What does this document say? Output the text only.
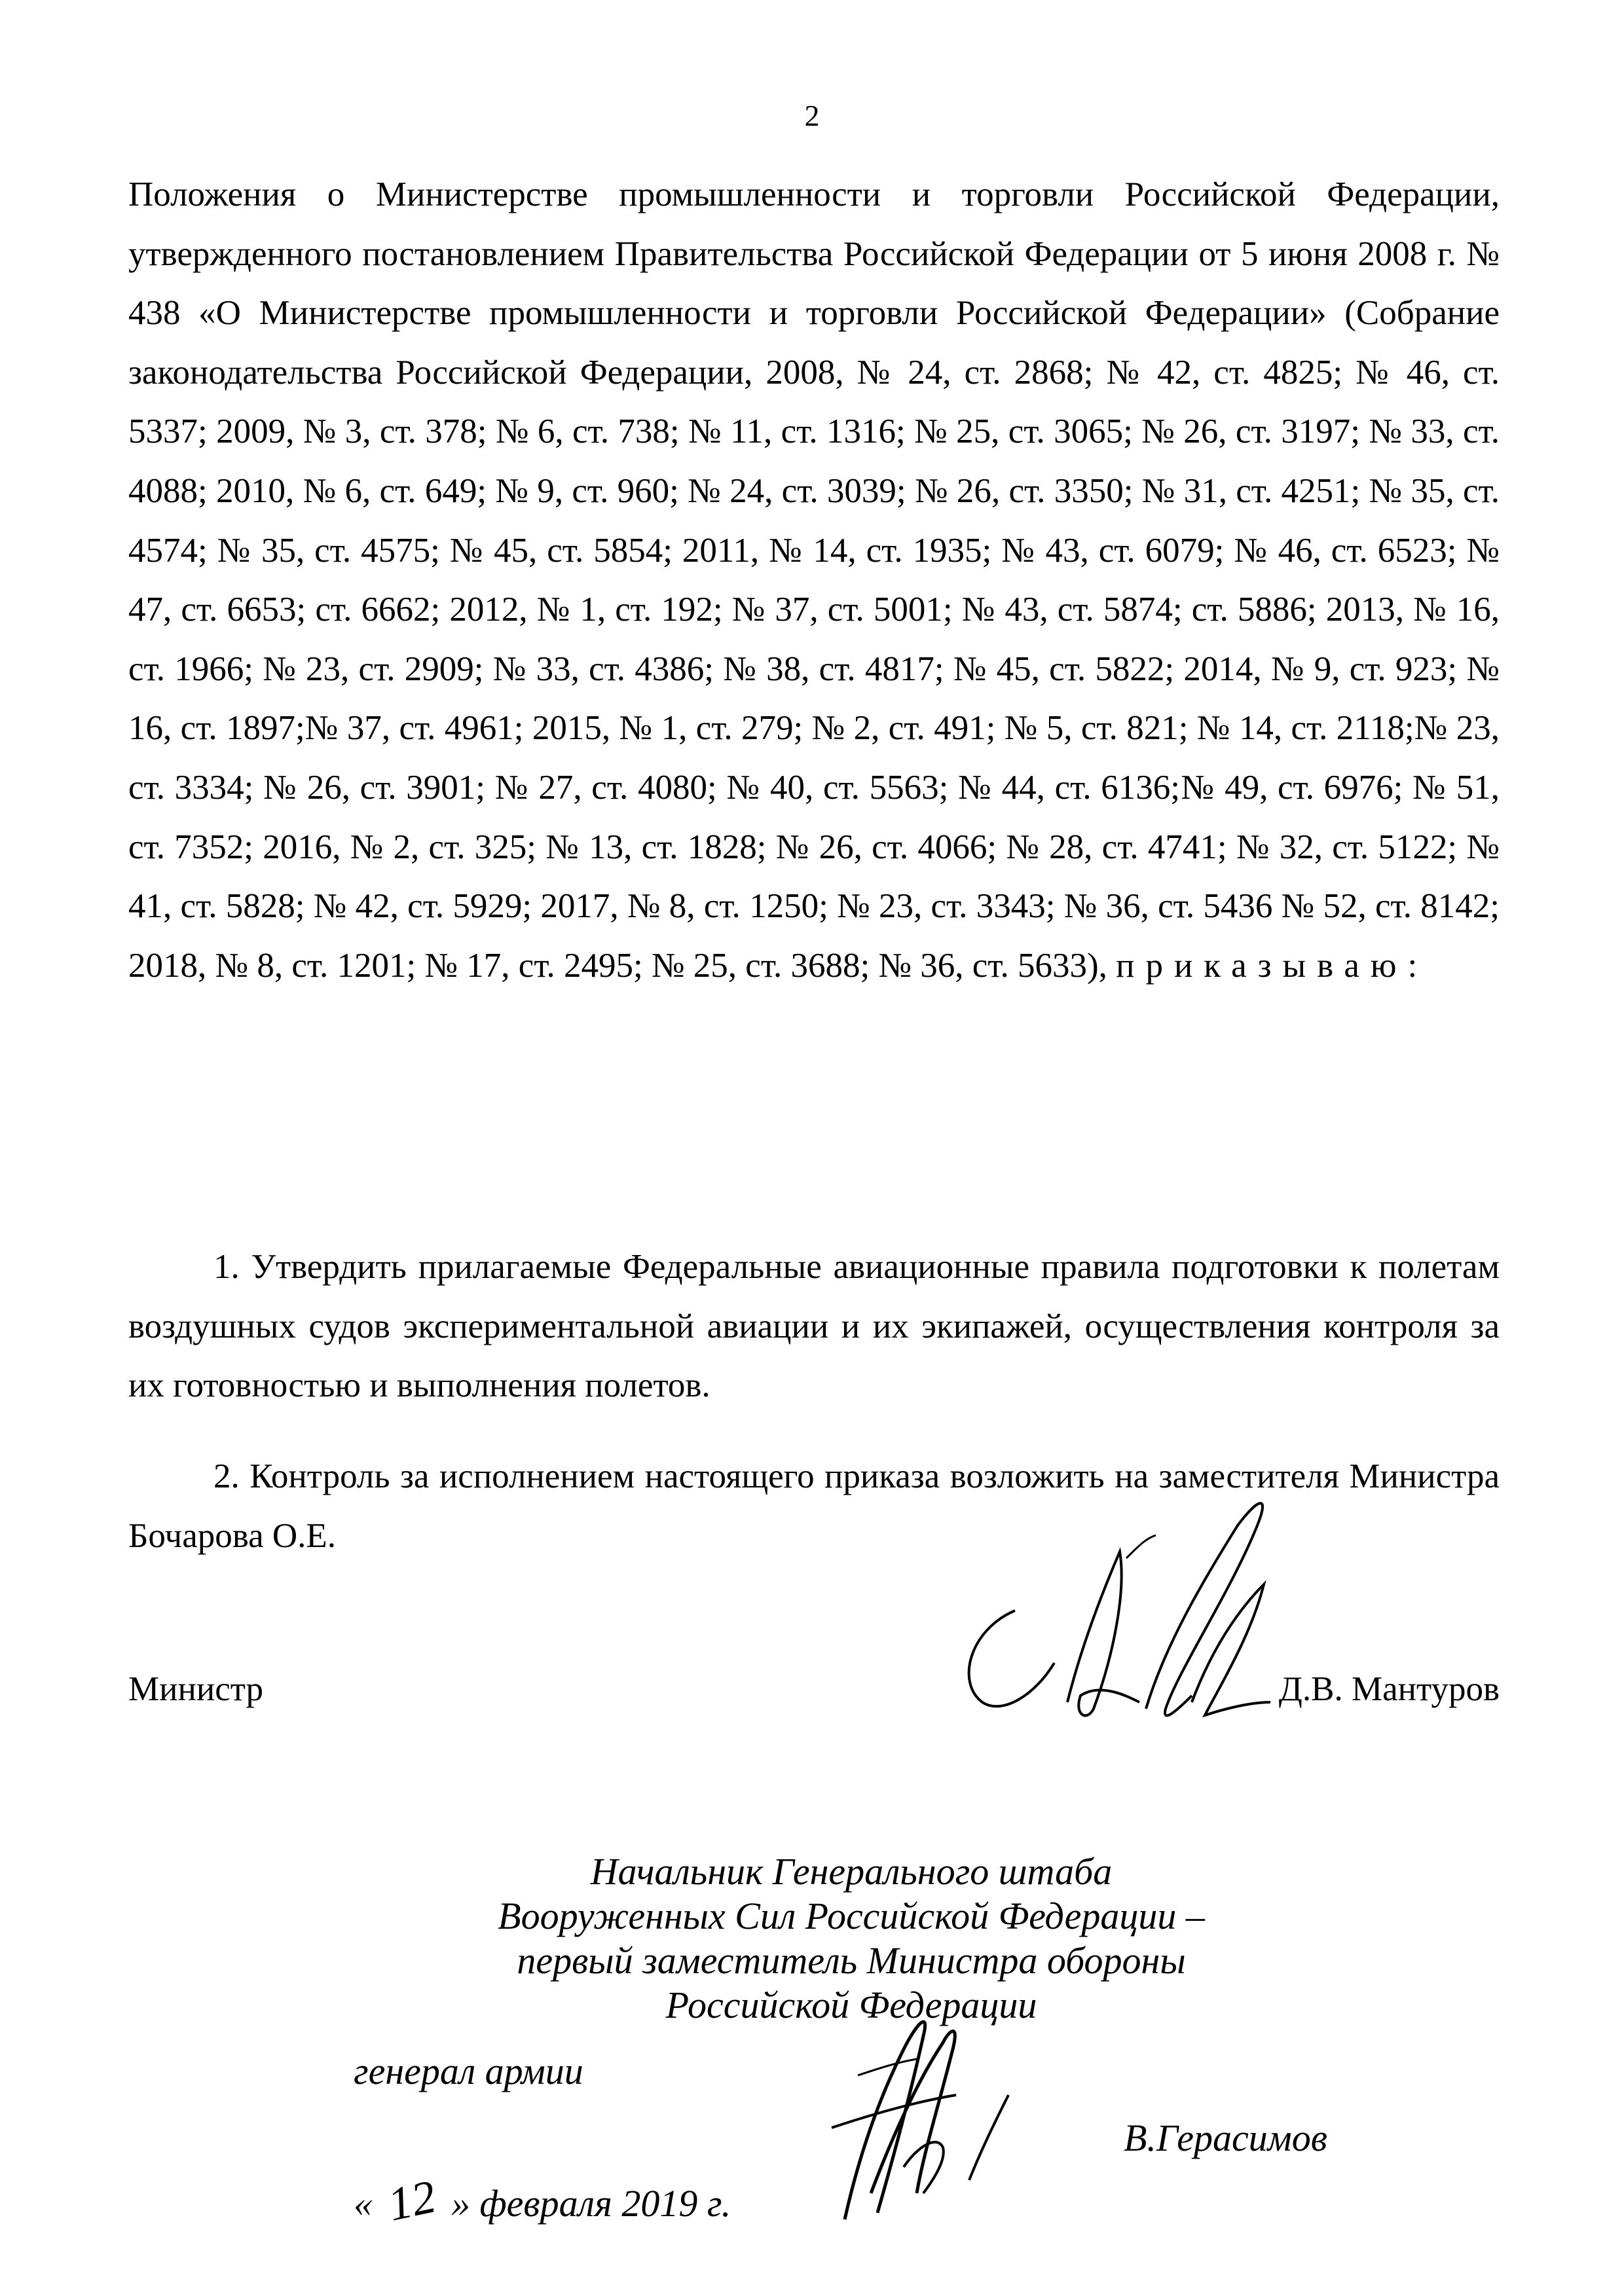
2
Положения о Министерстве промышленности и торговли Российской Федерации, утвержденного постановлением Правительства Российской Федерации от 5 июня 2008 г. № 438 «О Министерстве промышленности и торговли Российской Федерации» (Собрание законодательства Российской Федерации, 2008, № 24, ст. 2868; № 42, ст. 4825; № 46, ст. 5337; 2009, № 3, ст. 378; № 6, ст. 738; № 11, ст. 1316; № 25, ст. 3065; № 26, ст. 3197; № 33, ст. 4088; 2010, № 6, ст. 649; № 9, ст. 960; № 24, ст. 3039; № 26, ст. 3350; № 31, ст. 4251; № 35, ст. 4574; № 35, ст. 4575; № 45, ст. 5854; 2011, № 14, ст. 1935; № 43, ст. 6079; № 46, ст. 6523; № 47, ст. 6653; ст. 6662; 2012, № 1, ст. 192; № 37, ст. 5001; № 43, ст. 5874; ст. 5886; 2013, № 16, ст. 1966; № 23, ст. 2909; № 33, ст. 4386; № 38, ст. 4817; № 45, ст. 5822; 2014, № 9, ст. 923; № 16, ст. 1897;№ 37, ст. 4961; 2015, № 1, ст. 279; № 2, ст. 491; № 5, ст. 821; № 14, ст. 2118;№ 23, ст. 3334; № 26, ст. 3901; № 27, ст. 4080; № 40, ст. 5563; № 44, ст. 6136;№ 49, ст. 6976; № 51, ст. 7352; 2016, № 2, ст. 325; № 13, ст. 1828; № 26, ст. 4066; № 28, ст. 4741; № 32, ст. 5122; № 41, ст. 5828; № 42, ст. 5929; 2017, № 8, ст. 1250; № 23, ст. 3343; № 36, ст. 5436 № 52, ст. 8142; 2018, № 8, ст. 1201; № 17, ст. 2495; № 25, ст. 3688; № 36, ст. 5633), приказываю:
1. Утвердить прилагаемые Федеральные авиационные правила подготовки к полетам воздушных судов экспериментальной авиации и их экипажей, осуществления контроля за их готовностью и выполнения полетов.
2. Контроль за исполнением настоящего приказа возложить на заместителя Министра Бочарова О.Е.
Министр	Д.В. Мантуров
Начальник Генерального штаба
Вооруженных Сил Российской Федерации –
первый заместитель Министра обороны
Российской Федерации
генерал армии
В.Герасимов
« 12 » февраля 2019 г.
